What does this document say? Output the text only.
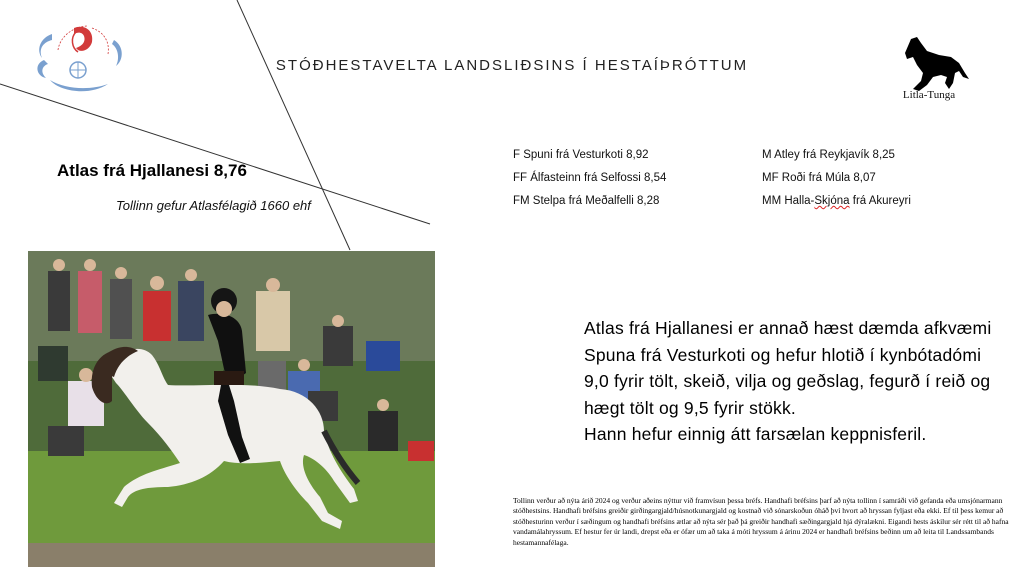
STÓÐHESTAVELTA LANDSLIÐSINS Í HESTAÍÞRÓTTUM
Litla-Tunga
Atlas frá Hjallanesi 8,76
Tollinn gefur Atlasfélagið 1660 ehf
F Spuni frá Vesturkoti 8,92
FF Álfasteinn frá Selfossi 8,54
FM Stelpa frá Meðalfelli 8,28
M Atley frá Reykjavík 8,25
MF Roði frá Múla 8,07
MM Halla-Skjóna frá Akureyri

Atlas frá Hjallanesi er annað hæst dæmda afkvæmi Spuna frá Vesturkoti og hefur hlotið í kynbótadómi 9,0 fyrir tölt, skeið, vilja og geðslag, fegurð í reið og hægt tölt og 9,5 fyrir stökk.

Hann hefur einnig átt farsælan keppnisferil.

Tollinn verður að nýta árið 2024 og verður aðeins nýttur við framvísun þessa bréfs. Handhafi bréfsins þarf að nýta tollinn í samráði við gefanda eða umsjónarmann stóðhestsins. Handhafi bréfsins greiðir girðingargjald/húsnotkunargjald og kostnað við sónarskoðun óháð því hvort að hryssan fyljast eða ekki. Ef til þess kemur að stóðhesturinn verður í sæðingum og handhafi bréfsins ætlar að nýta sér það þá greiðir handhafi sæðingargjald hjá dýralækni. Eigandi hests áskilur sér rétt til að hafna vandamálahryssum. Ef hestur fer úr landi, drepst eða er ófær um að taka á móti hryssum á árinu 2024 er handhafi bréfsins beðinn um að leita til Landssambands hestamannafélaga.
